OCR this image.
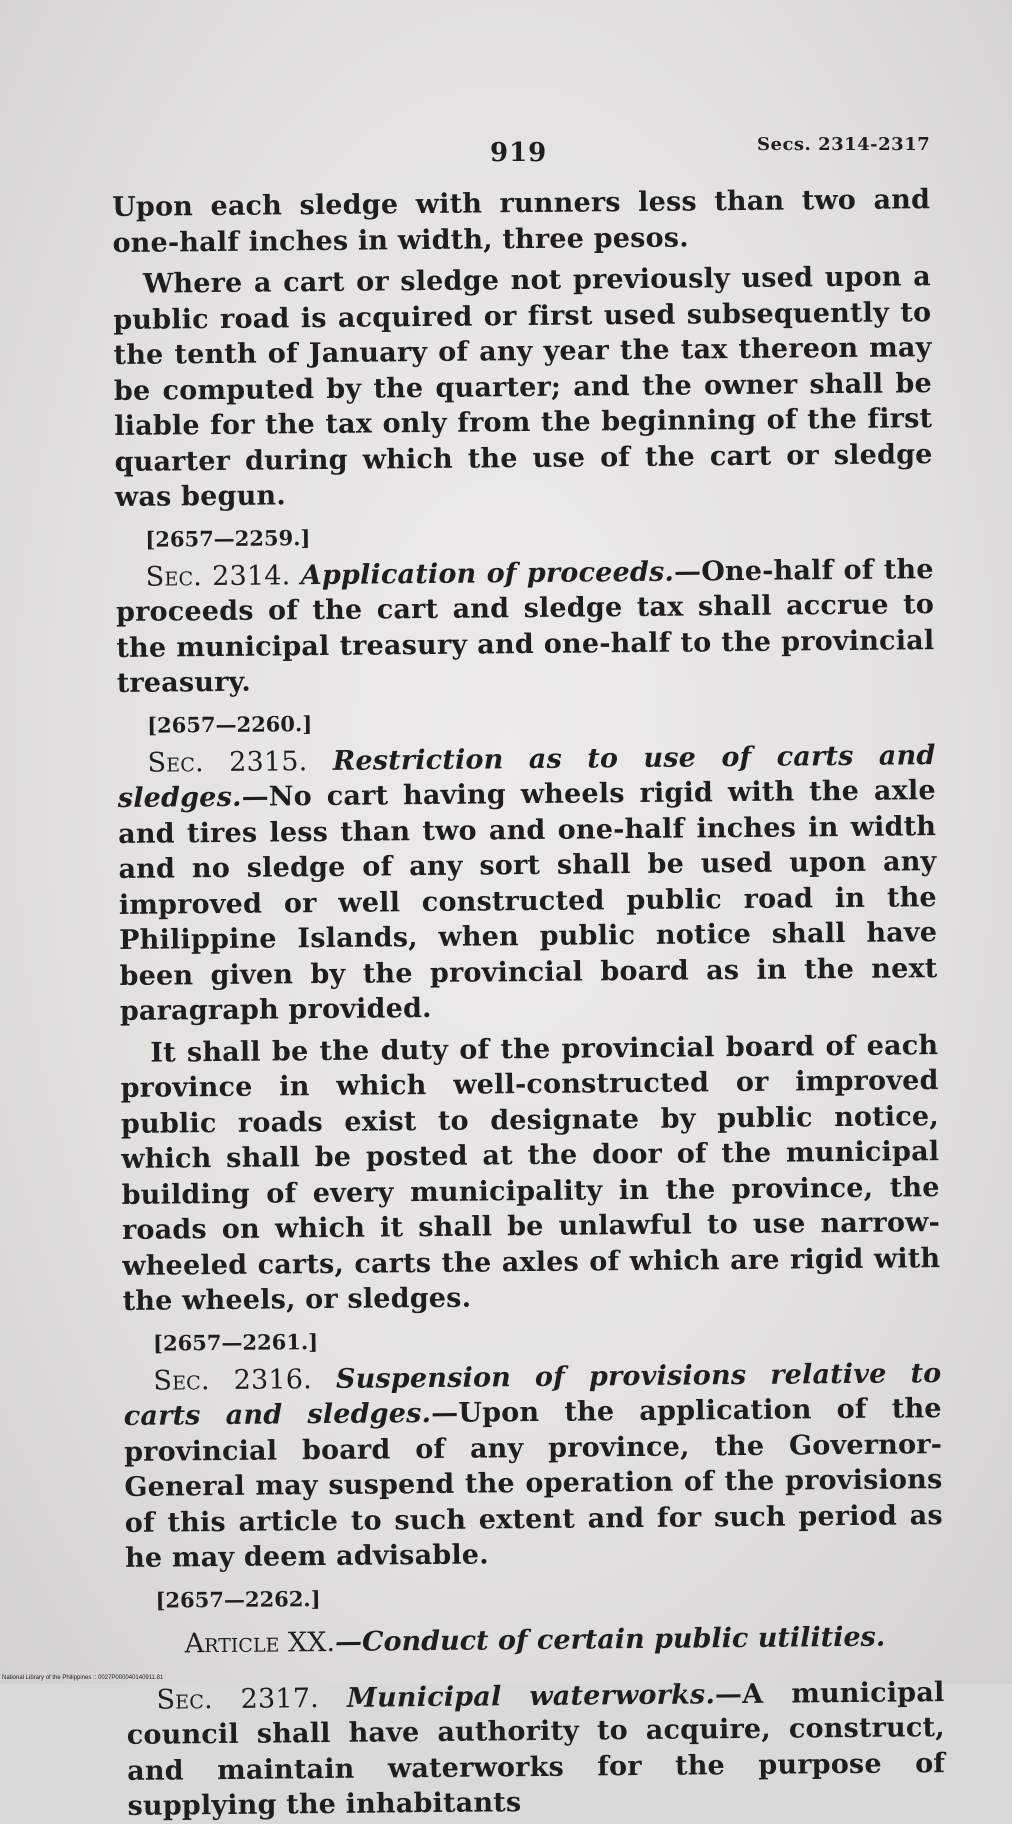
919	Secs. 2314-2317

Upon each sledge with runners less than two and one-half inches in width, three pesos.

Where a cart or sledge not previously used upon a public road is acquired or first used subsequently to the tenth of January of any year the tax thereon may be computed by the quarter; and the owner shall be liable for the tax only from the beginning of the first quarter during which the use of the cart or sledge was begun.

[2657—2259.]

Sec. 2314. Application of proceeds.—One-half of the proceeds of the cart and sledge tax shall accrue to the municipal treasury and one-half to the provincial treasury.

[2657—2260.]

Sec. 2315. Restriction as to use of carts and sledges.—No cart having wheels rigid with the axle and tires less than two and one-half inches in width and no sledge of any sort shall be used upon any improved or well constructed public road in the Philippine Islands, when public notice shall have been given by the provincial board as in the next paragraph provided.

It shall be the duty of the provincial board of each province in which well-constructed or improved public roads exist to designate by public notice, which shall be posted at the door of the municipal building of every municipality in the province, the roads on which it shall be unlawful to use narrow-wheeled carts, carts the axles of which are rigid with the wheels, or sledges.

[2657—2261.]

Sec. 2316. Suspension of provisions relative to carts and sledges.—Upon the application of the provincial board of any province, the Governor-General may suspend the operation of the provisions of this article to such extent and for such period as he may deem advisable.

[2657—2262.]
Article XX.—Conduct of certain public utilities.

Sec. 2317. Municipal waterworks.—A municipal council shall have authority to acquire, construct, and maintain waterworks for the purpose of supplying the inhabitants

National Library of the Philippines :: 0027P000040140911.81
